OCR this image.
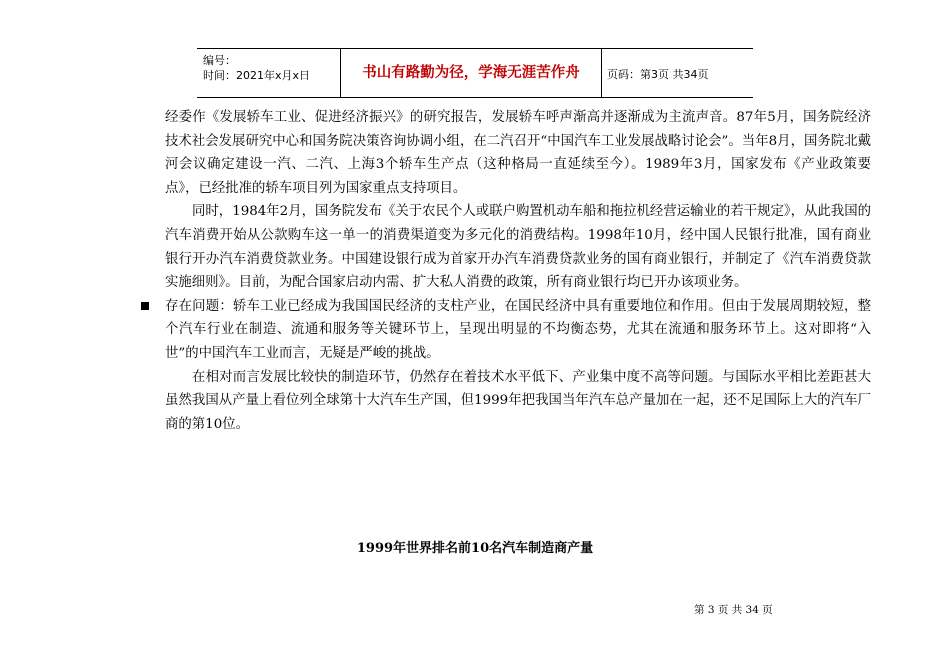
编号：
时间：2021年x月x日	书山有路勤为径，学海无涯苦作舟	页码：第3页 共34页

经委作《发展轿车工业、促进经济振兴》的研究报告，发展轿车呼声渐高并逐渐成为主流声音。87年5月，国务院经济技术社会发展研究中心和国务院决策咨询协调小组，在二汽召开“中国汽车工业发展战略讨论会”。当年8月，国务院北戴河会议确定建设一汽、二汽、上海3个轿车生产点（这种格局一直延续至今）。1989年3月，国家发布《产业政策要点》，已经批准的轿车项目列为国家重点支持项目。

同时，1984年2月，国务院发布《关于农民个人或联户购置机动车船和拖拉机经营运输业的若干规定》，从此我国的汽车消费开始从公款购车这一单一的消费渠道变为多元化的消费结构。1998年10月，经中国人民银行批准，国有商业银行开办汽车消费贷款业务。中国建设银行成为首家开办汽车消费贷款业务的国有商业银行，并制定了《汽车消费贷款实施细则》。目前，为配合国家启动内需、扩大私人消费的政策，所有商业银行均已开办该项业务。

存在问题：轿车工业已经成为我国国民经济的支柱产业，在国民经济中具有重要地位和作用。但由于发展周期较短，整个汽车行业在制造、流通和服务等关键环节上，呈现出明显的不均衡态势，尤其在流通和服务环节上。这对即将“入世”的中国汽车工业而言，无疑是严峻的挑战。

在相对而言发展比较快的制造环节，仍然存在着技术水平低下、产业集中度不高等问题。与国际水平相比差距甚大虽然我国从产量上看位列全球第十大汽车生产国，但1999年把我国当年汽车总产量加在一起，还不足国际上大的汽车厂商的第10位。

1999年世界排名前10名汽车制造商产量
第 3 页 共 34 页
